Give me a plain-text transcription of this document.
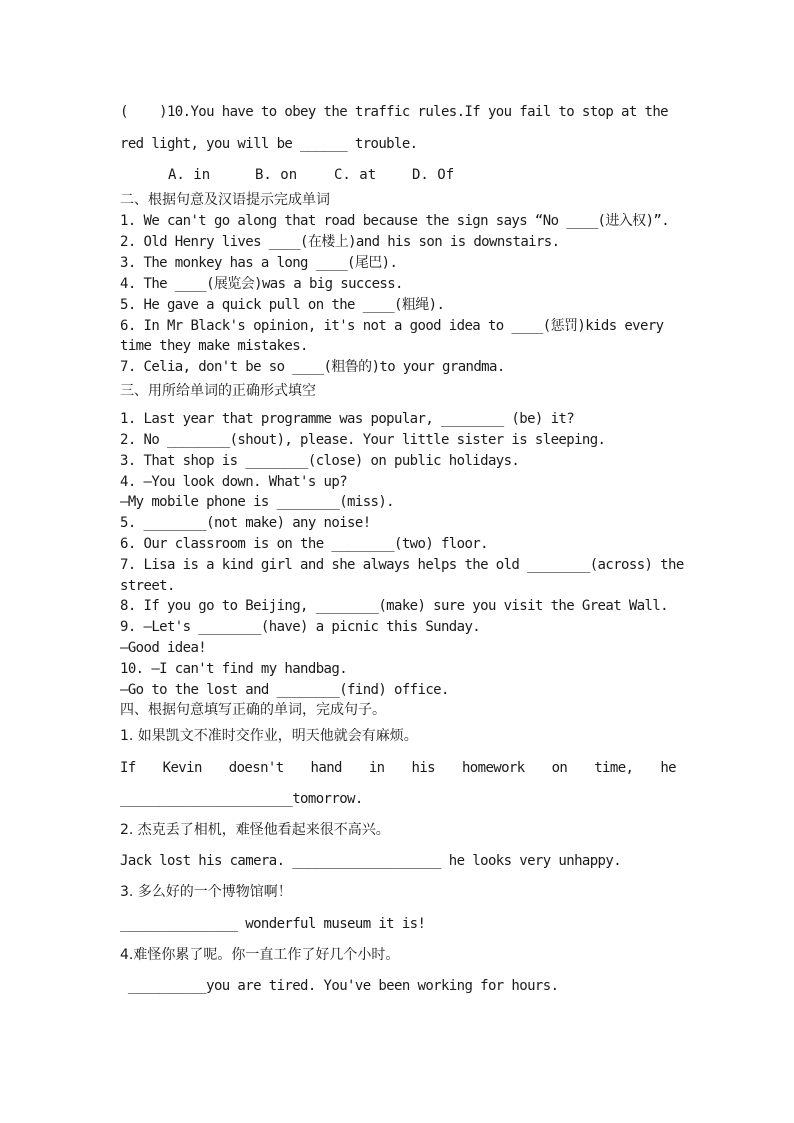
(    )10.You have to obey the traffic rules.If you fail to stop at the
red light, you will be ______ trouble.
A. in	B. on	C. at	D. Of
二、根据句意及汉语提示完成单词
1. We can't go along that road because the sign says “No ____(进入权)”.
2. Old Henry lives ____(在楼上)and his son is downstairs.
3. The monkey has a long ____(尾巴).
4. The ____(展览会)was a big success.
5. He gave a quick pull on the ____(粗绳).
6. In Mr Black's opinion, it's not a good idea to ____(惩罚)kids every
time they make mistakes.
7. Celia, don't be so ____(粗鲁的)to your grandma.
三、用所给单词的正确形式填空
1. Last year that programme was popular, ________ (be) it?
2. No ________(shout), please. Your little sister is sleeping.
3. That shop is ________(close) on public holidays.
4. —You look down. What's up?
—My mobile phone is ________(miss).
5. ________(not make) any noise!
6. Our classroom is on the ________(two) floor.
7. Lisa is a kind girl and she always helps the old ________(across) the
street.
8. If you go to Beijing, ________(make) sure you visit the Great Wall.
9. —Let's ________(have) a picnic this Sunday.
—Good idea!
10. —I can't find my handbag.
—Go to the lost and ________(find) office.
四、根据句意填写正确的单词，完成句子。
1. 如果凯文不准时交作业，明天他就会有麻烦。
If Kevin doesn't hand in his homework on time, he
______________________tomorrow.
2. 杰克丢了相机，难怪他看起来很不高兴。
Jack lost his camera. ___________________ he looks very unhappy.
3. 多么好的一个博物馆啊！
_______________ wonderful museum it is!
4.难怪你累了呢。你一直工作了好几个小时。
__________you are tired. You've been working for hours.
